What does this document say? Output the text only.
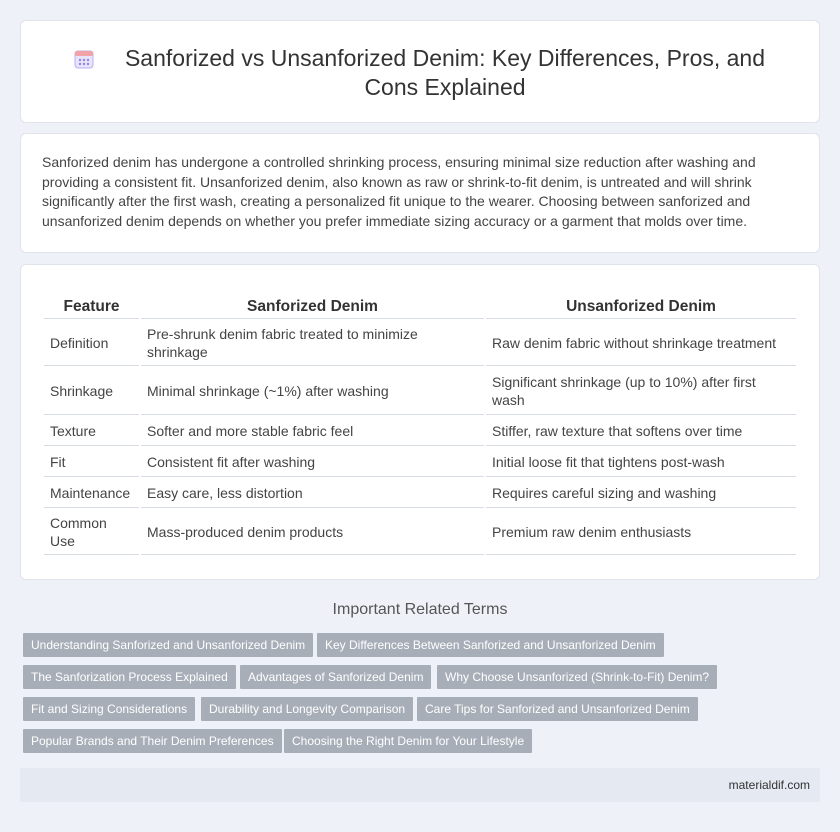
Sanforized vs Unsanforized Denim: Key Differences, Pros, and Cons Explained

Sanforized denim has undergone a controlled shrinking process, ensuring minimal size reduction after washing and providing a consistent fit. Unsanforized denim, also known as raw or shrink-to-fit denim, is untreated and will shrink significantly after the first wash, creating a personalized fit unique to the wearer. Choosing between sanforized and unsanforized denim depends on whether you prefer immediate sizing accuracy or a garment that molds over time.

Feature	Sanforized Denim	Unsanforized Denim
Definition	Pre-shrunk denim fabric treated to minimize shrinkage	Raw denim fabric without shrinkage treatment
Shrinkage	Minimal shrinkage (~1%) after washing	Significant shrinkage (up to 10%) after first wash
Texture	Softer and more stable fabric feel	Stiffer, raw texture that softens over time
Fit	Consistent fit after washing	Initial loose fit that tightens post-wash
Maintenance	Easy care, less distortion	Requires careful sizing and washing
Common Use	Mass-produced denim products	Premium raw denim enthusiasts
Important Related Terms
Understanding Sanforized and Unsanforized Denim	Key Differences Between Sanforized and Unsanforized Denim
The Sanforization Process Explained	Advantages of Sanforized Denim	Why Choose Unsanforized (Shrink-to-Fit) Denim?
Fit and Sizing Considerations	Durability and Longevity Comparison	Care Tips for Sanforized and Unsanforized Denim
Popular Brands and Their Denim Preferences	Choosing the Right Denim for Your Lifestyle
materialdif.com
